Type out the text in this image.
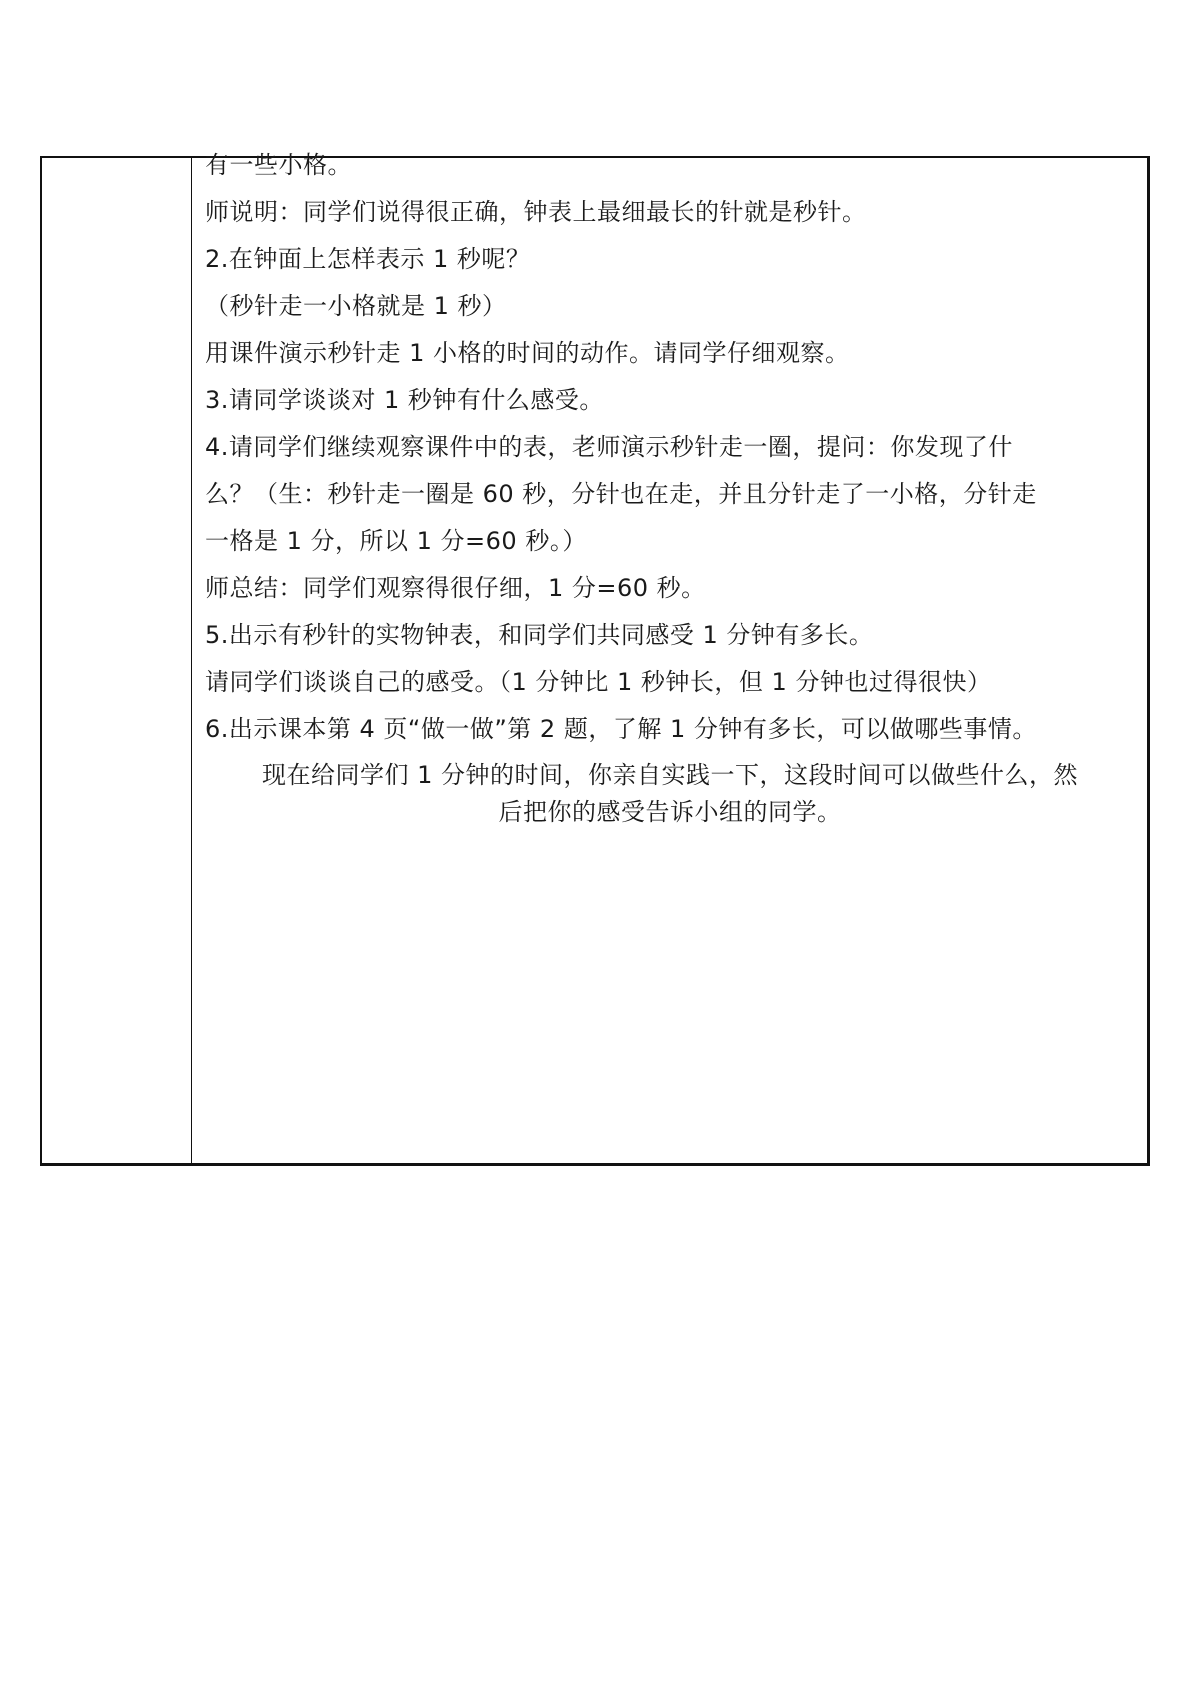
有一些小格。
师说明：同学们说得很正确，钟表上最细最长的针就是秒针。
2.在钟面上怎样表示 1 秒呢？
（秒针走一小格就是 1 秒）
用课件演示秒针走 1 小格的时间的动作。请同学仔细观察。
3.请同学谈谈对 1 秒钟有什么感受。
4.请同学们继续观察课件中的表，老师演示秒针走一圈，提问：你发现了什
么？（生：秒针走一圈是 60 秒，分针也在走，并且分针走了一小格，分针走
一格是 1 分，所以 1 分=60 秒。）
师总结：同学们观察得很仔细，1 分=60 秒。
5.出示有秒针的实物钟表，和同学们共同感受 1 分钟有多长。
请同学们谈谈自己的感受。（1 分钟比 1 秒钟长，但 1 分钟也过得很快）
6.出示课本第 4 页“做一做”第 2 题，了解 1 分钟有多长，可以做哪些事情。
现在给同学们 1 分钟的时间，你亲自实践一下，这段时间可以做些什么，然
后把你的感受告诉小组的同学。
